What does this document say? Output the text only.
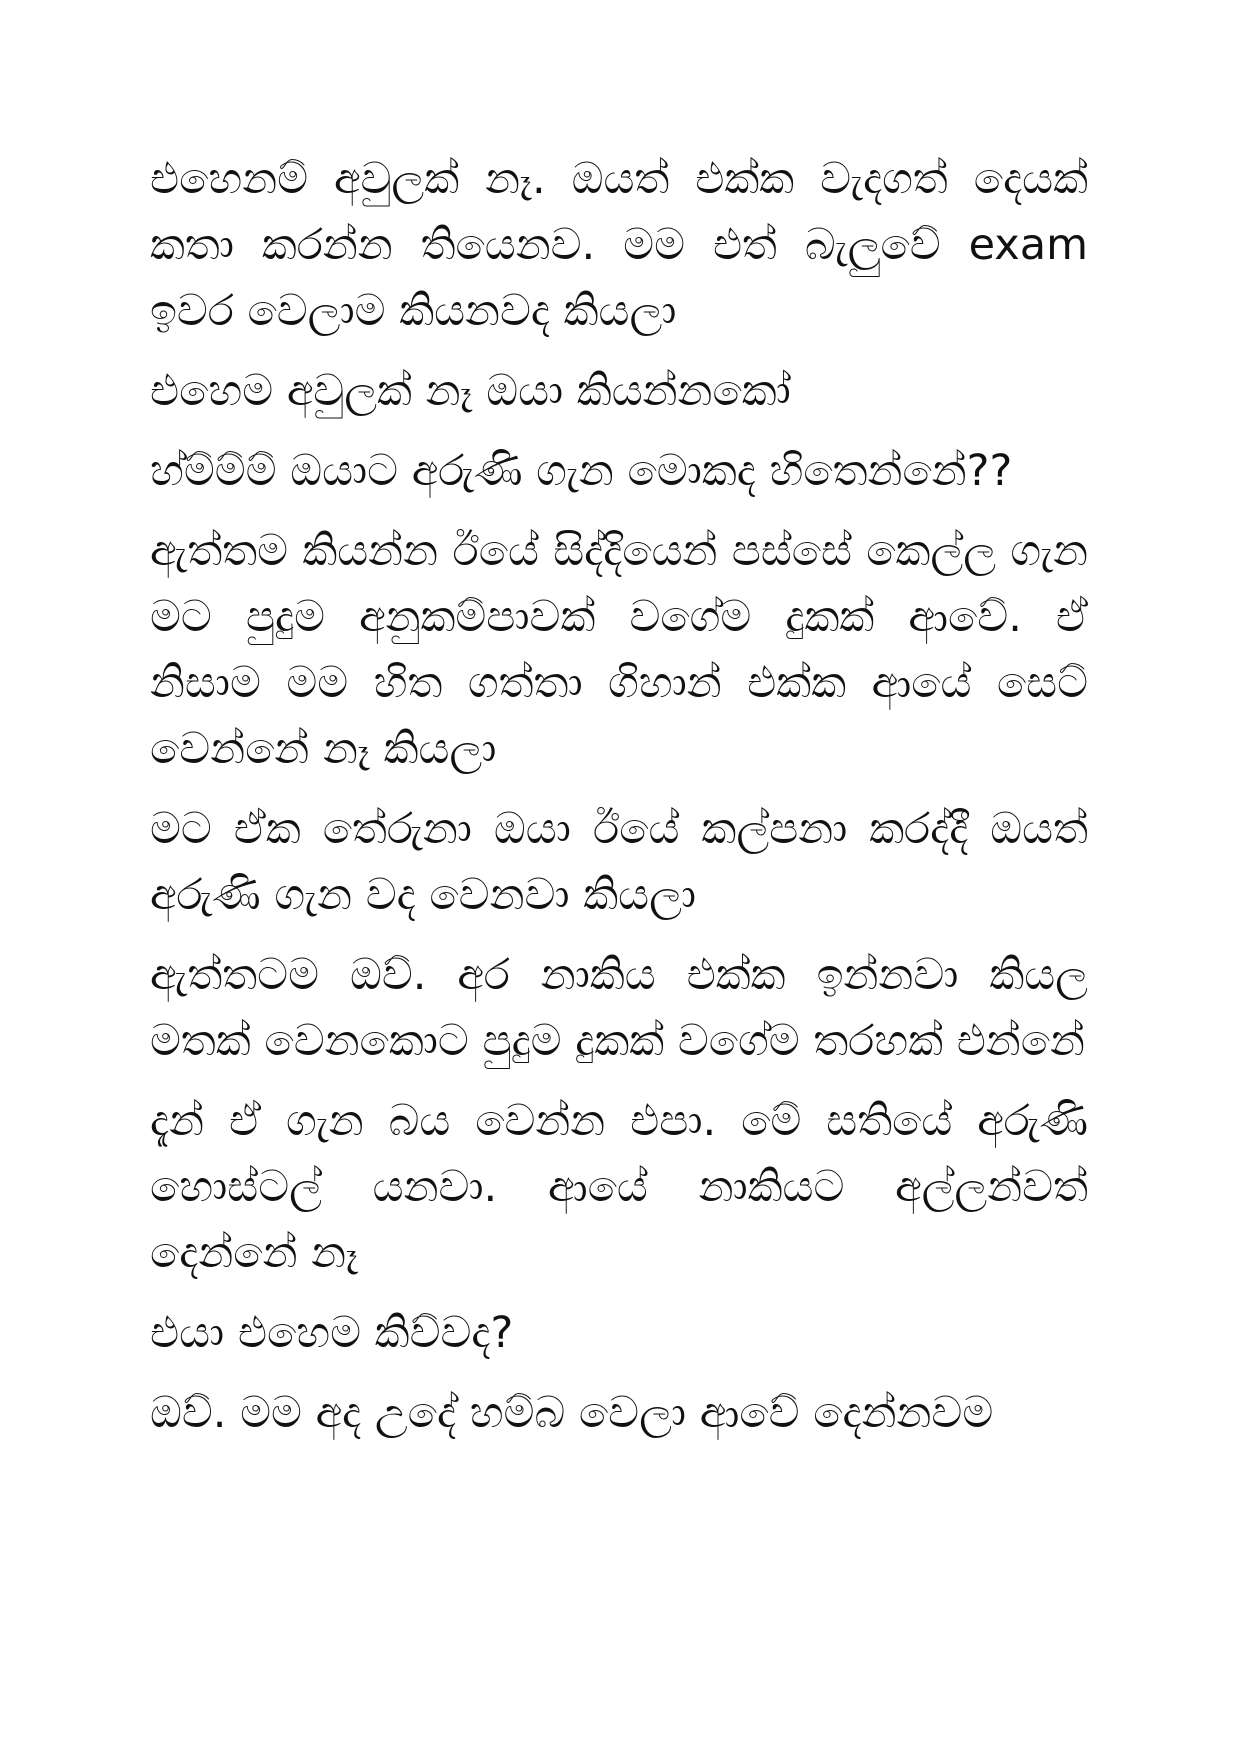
එහෙනම් අවුලක් නෑ. ඔයත් එක්ක වැදගත් දෙයක් කතා කරන්න තියෙනව. මම එත් බැලුවේ exam ඉවර වෙලාම කියනවද කියලා

එහෙම අවුලක් නෑ ඔයා කියන්නකෝ

හ්ම්ම්ම් ඔයාට අරුණි ගැන මොකද හිතෙන්නේ??

ඇත්තම කියන්න ඊයේ සිද්දියෙන් පස්සේ කෙල්ල ගැන මට පුදුම අනුකම්පාවක් වගේම දුකක් ආවේ. ඒ නිසාම මම හිත ගත්තා ගිහාන් එක්ක ආයේ සෙට් වෙන්නේ නෑ කියලා

මට ඒක තේරුනා ඔයා ඊයේ කල්පනා කරද්දී ඔයත් අරුණි ගැන වද වෙනවා කියලා

ඇත්තටම ඔව්. අර නාකිය එක්ක ඉන්නවා කියල මතක් වෙනකොට පුදුම දුකක් වගේම තරහක් එන්නේ

දැන් ඒ ගැන බය වෙන්න එපා. මේ සතියේ අරුණි හොස්ටල් යනවා. ආයේ නාකියට අල්ලන්වත් දෙන්නේ නෑ

එයා එහෙම කිව්වද?

ඔව්. මම අද උදේ හම්බ වෙලා ආවේ දෙන්නවම
